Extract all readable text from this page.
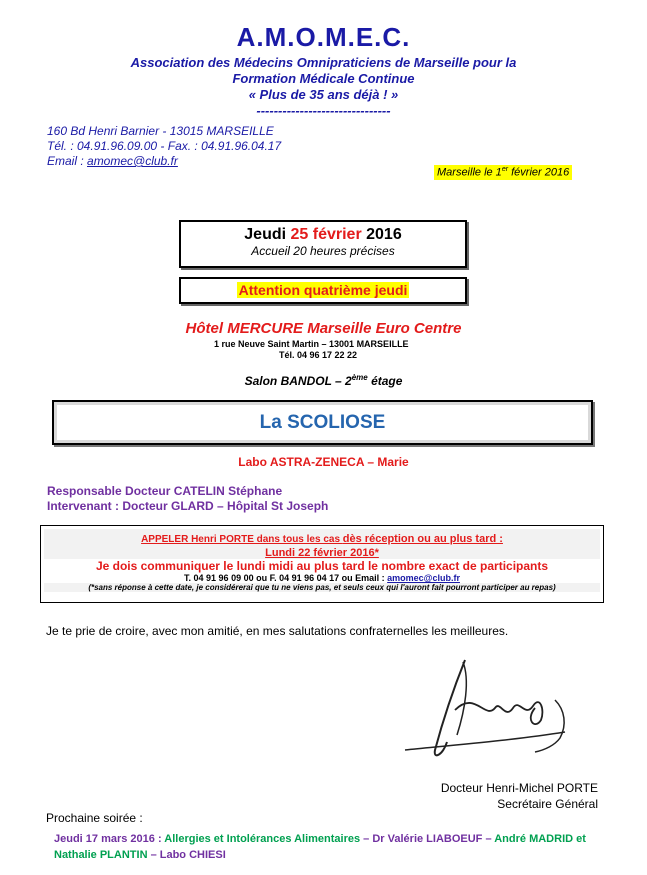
A.M.O.M.E.C.
Association des Médecins Omnipraticiens de Marseille pour la
Formation Médicale Continue
« Plus de 35 ans déjà ! »
-------------------------------
160 Bd Henri Barnier - 13015 MARSEILLE
Tél. : 04.91.96.09.00 - Fax. : 04.91.96.04.17
Email : amomec@club.fr
Marseille le 1er février 2016
Jeudi 25 février 2016
Accueil 20 heures précises
Attention quatrième jeudi
Hôtel MERCURE Marseille Euro Centre
1 rue Neuve Saint Martin – 13001 MARSEILLE
Tél. 04 96 17 22 22
Salon BANDOL – 2ème étage
La SCOLIOSE
Labo ASTRA-ZENECA – Marie
Responsable Docteur CATELIN Stéphane
Intervenant : Docteur GLARD – Hôpital St Joseph
APPELER Henri PORTE dans tous les cas dès réception ou au plus tard :
Lundi 22 février 2016*
Je dois communiquer le lundi midi au plus tard le nombre exact de participants
T. 04 91 96 09 00 ou F. 04 91 96 04 17 ou Email : amomec@club.fr
(*sans réponse à cette date, je considérerai que tu ne viens pas, et seuls ceux qui l'auront fait pourront participer au repas)
Je te prie de croire, avec mon amitié, en mes salutations confraternelles les meilleures.
Docteur Henri-Michel PORTE
Secrétaire Général
Prochaine soirée :
Jeudi 17 mars 2016 : Allergies et Intolérances Alimentaires – Dr Valérie LIABOEUF – André MADRID et Nathalie PLANTIN – Labo CHIESI
